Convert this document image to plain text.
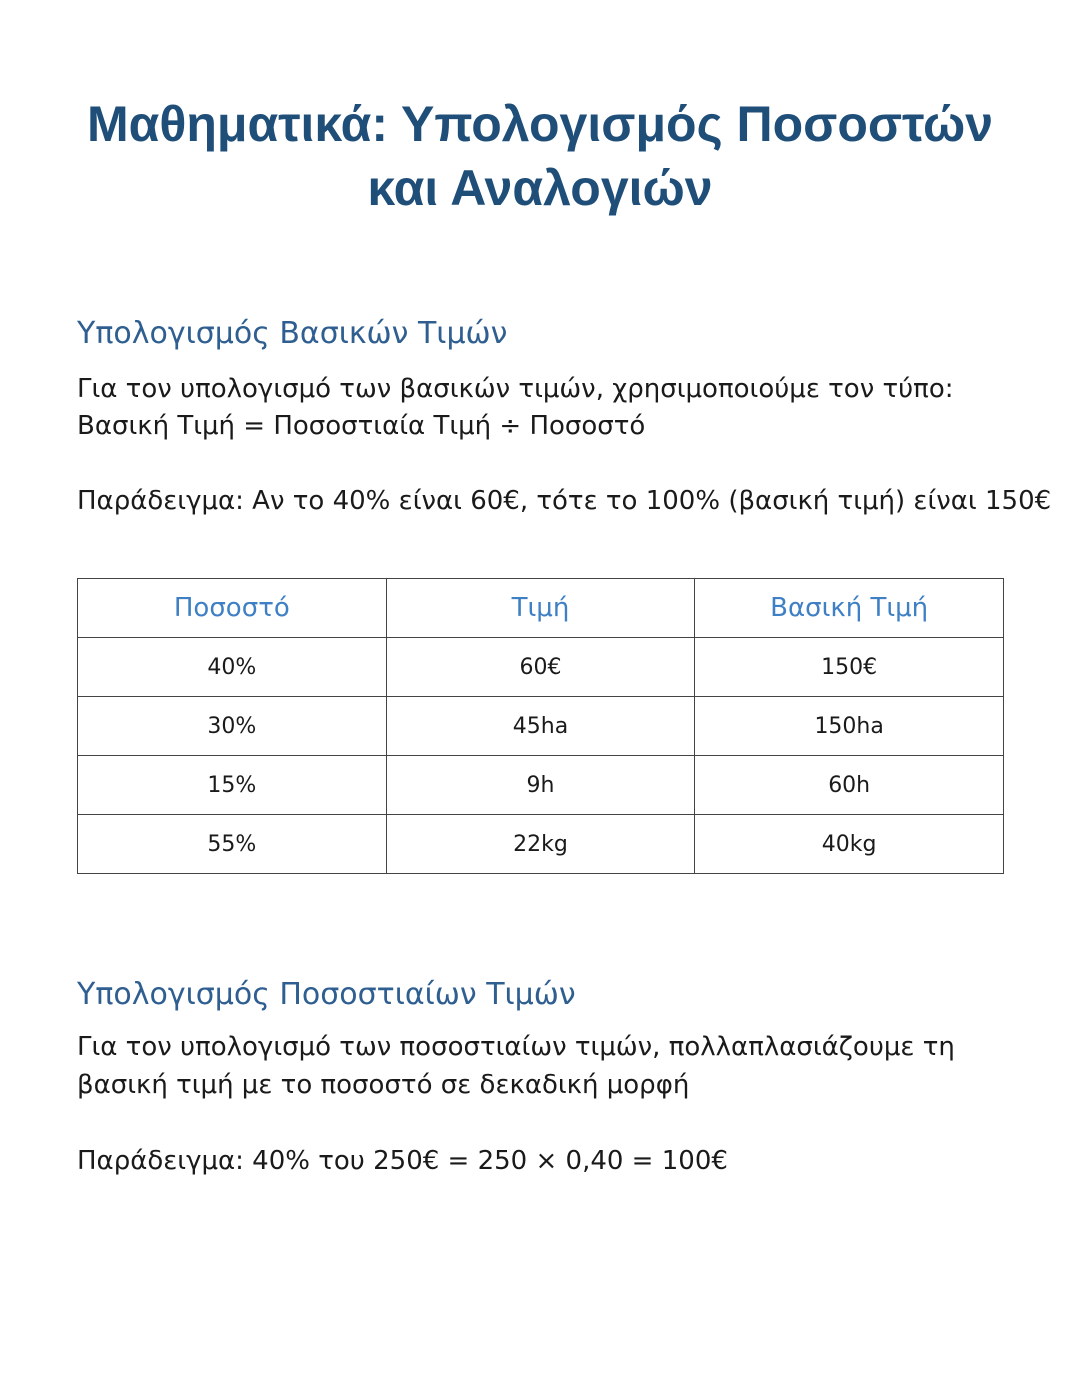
Μαθηματικά: Υπολογισμός Ποσοστών
και Αναλογιών
Υπολογισμός Βασικών Τιμών

Για τον υπολογισμό των βασικών τιμών, χρησιμοποιούμε τον τύπο:

Βασική Τιμή = Ποσοστιαία Τιμή ÷ Ποσοστό

Παράδειγμα: Αν το 40% είναι 60€, τότε το 100% (βασική τιμή) είναι 150€

Ποσοστό	Τιμή	Βασική Τιμή
40%	60€	150€
30%	45ha	150ha
15%	9h	60h
55%	22kg	40kg
Υπολογισμός Ποσοστιαίων Τιμών

Για τον υπολογισμό των ποσοστιαίων τιμών, πολλαπλασιάζουμε τη

βασική τιμή με το ποσοστό σε δεκαδική μορφή

Παράδειγμα: 40% του 250€ = 250 × 0,40 = 100€
